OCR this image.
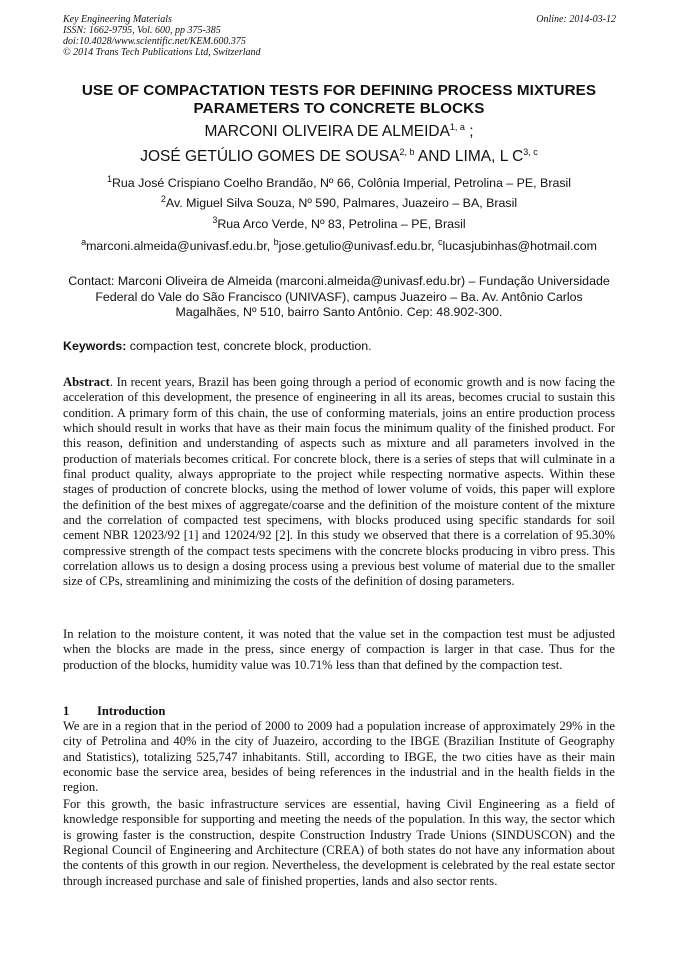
Key Engineering Materials
ISSN: 1662-9795, Vol. 600, pp 375-385
doi:10.4028/www.scientific.net/KEM.600.375
© 2014 Trans Tech Publications Ltd, Switzerland
Online: 2014-03-12
USE OF COMPACTATION TESTS FOR DEFINING PROCESS MIXTURES
PARAMETERS TO CONCRETE BLOCKS
MARCONI OLIVEIRA DE ALMEIDA$^{1, a}$ ;
JOSÉ GETÚLIO GOMES DE SOUSA$^{2, b}$ AND LIMA, L C$^{3, c}$
$^1$Rua José Crispiano Coelho Brandão, Nº 66, Colônia Imperial, Petrolina – PE, Brasil
$^2$Av. Miguel Silva Souza, Nº 590, Palmares, Juazeiro – BA, Brasil
$^3$Rua Arco Verde, Nº 83, Petrolina – PE, Brasil
$^a$marconi.almeida@univasf.edu.br, $^b$jose.getulio@univasf.edu.br, $^c$lucasjubinhas@hotmail.com
Contact: Marconi Oliveira de Almeida (marconi.almeida@univasf.edu.br) – Fundação Universidade
Federal do Vale do São Francisco (UNIVASF), campus Juazeiro – Ba. Av. Antônio Carlos
Magalhães, Nº 510, bairro Santo Antônio. Cep: 48.902-300.
Keywords: compaction test, concrete block, production.
Abstract. In recent years, Brazil has been going through a period of economic growth and is now facing the acceleration of this development, the presence of engineering in all its areas, becomes crucial to sustain this condition. A primary form of this chain, the use of conforming materials, joins an entire production process which should result in works that have as their main focus the minimum quality of the finished product. For this reason, definition and understanding of aspects such as mixture and all parameters involved in the production of materials becomes critical. For concrete block, there is a series of steps that will culminate in a final product quality, always appropriate to the project while respecting normative aspects. Within these stages of production of concrete blocks, using the method of lower volume of voids, this paper will explore the definition of the best mixes of aggregate/coarse and the definition of the moisture content of the mixture and the correlation of compacted test specimens, with blocks produced using specific standards for soil cement NBR 12023/92 [1] and 12024/92 [2]. In this study we observed that there is a correlation of 95.30% compressive strength of the compact tests specimens with the concrete blocks producing in vibro press. This correlation allows us to design a dosing process using a previous best volume of material due to the smaller size of CPs, streamlining and minimizing the costs of the definition of dosing parameters.
In relation to the moisture content, it was noted that the value set in the compaction test must be adjusted when the blocks are made in the press, since energy of compaction is larger in that case. Thus for the production of the blocks, humidity value was 10.71% less than that defined by the compaction test.
1 Introduction
We are in a region that in the period of 2000 to 2009 had a population increase of approximately 29% in the city of Petrolina and 40% in the city of Juazeiro, according to the IBGE (Brazilian Institute of Geography and Statistics), totalizing 525,747 inhabitants. Still, according to IBGE, the two cities have as their main economic base the service area, besides of being references in the industrial and in the health fields in the region.
For this growth, the basic infrastructure services are essential, having Civil Engineering as a field of knowledge responsible for supporting and meeting the needs of the population. In this way, the sector which is growing faster is the construction, despite Construction Industry Trade Unions (SINDUSCON) and the Regional Council of Engineering and Architecture (CREA) of both states do not have any information about the contents of this growth in our region. Nevertheless, the development is celebrated by the real estate sector through increased purchase and sale of finished properties, lands and also sector rents.
